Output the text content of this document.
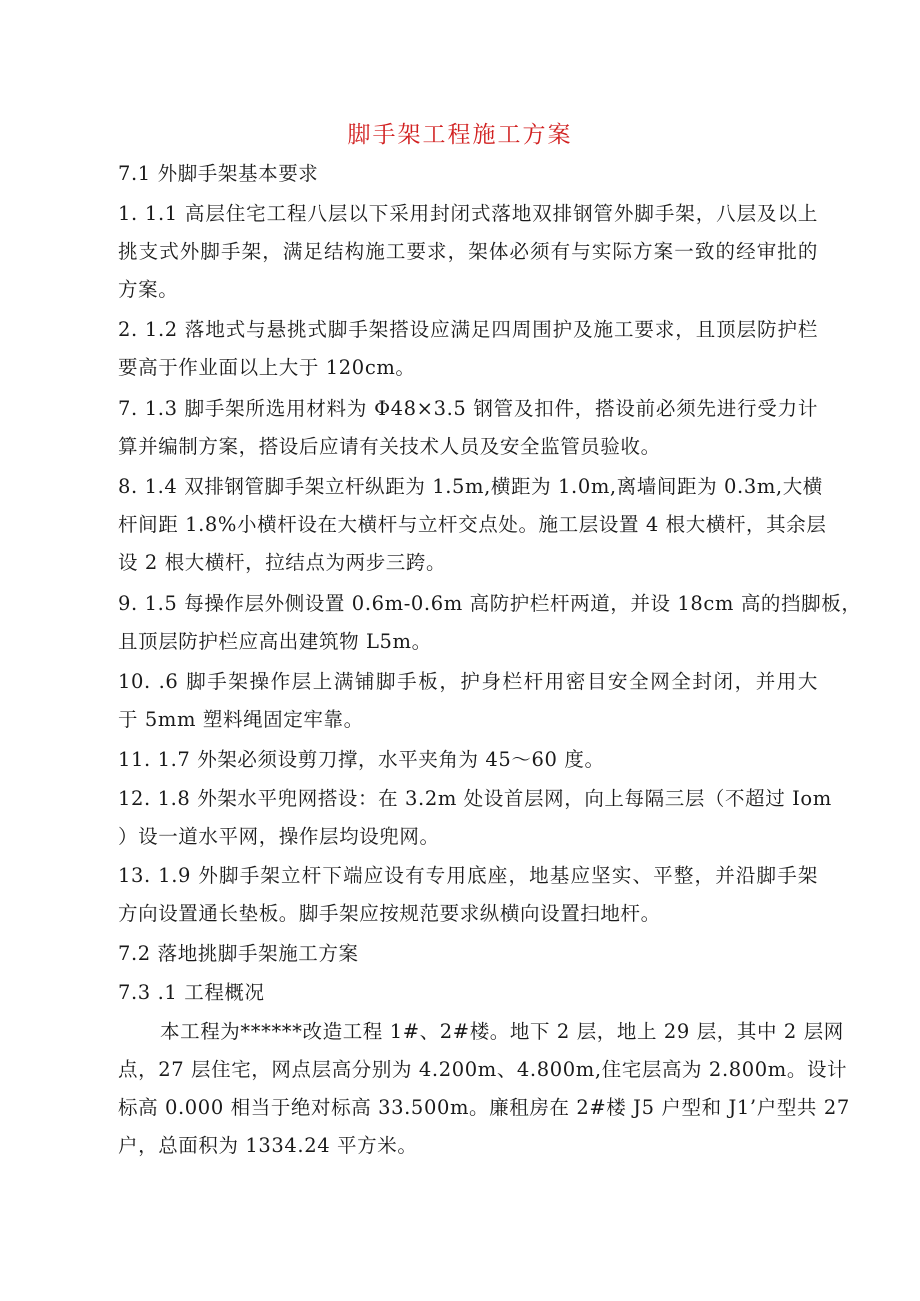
脚手架工程施工方案
7.1 外脚手架基本要求
1. 1.1 高层住宅工程八层以下采用封闭式落地双排钢管外脚手架，八层及以上
挑支式外脚手架，满足结构施工要求，架体必须有与实际方案一致的经审批的
方案。
2. 1.2 落地式与悬挑式脚手架搭设应满足四周围护及施工要求，且顶层防护栏
要高于作业面以上大于 120cm。
7. 1.3 脚手架所选用材料为 Φ48×3.5 钢管及扣件，搭设前必须先进行受力计
算并编制方案，搭设后应请有关技术人员及安全监管员验收。
8. 1.4 双排钢管脚手架立杆纵距为 1.5m,横距为 1.0m,离墙间距为 0.3m,大横
杆间距 1.8%小横杆设在大横杆与立杆交点处。施工层设置 4 根大横杆，其余层
设 2 根大横杆，拉结点为两步三跨。
9. 1.5 每操作层外侧设置 0.6m-0.6m 高防护栏杆两道，并设 18cm 高的挡脚板，
且顶层防护栏应高出建筑物 L5m。
10. .6 脚手架操作层上满铺脚手板，护身栏杆用密目安全网全封闭，并用大
于 5mm 塑料绳固定牢靠。
11. 1.7 外架必须设剪刀撑，水平夹角为 45～60 度。
12. 1.8 外架水平兜网搭设：在 3.2m 处设首层网，向上每隔三层（不超过 Iom
）设一道水平网，操作层均设兜网。
13. 1.9 外脚手架立杆下端应设有专用底座，地基应坚实、平整，并沿脚手架
方向设置通长垫板。脚手架应按规范要求纵横向设置扫地杆。
7.2 落地挑脚手架施工方案
7.3 .1 工程概况
本工程为******改造工程 1#、2#楼。地下 2 层，地上 29 层，其中 2 层网
点，27 层住宅，网点层高分别为 4.200m、4.800m,住宅层高为 2.800m。设计
标高 0.000 相当于绝对标高 33.500m。廉租房在 2#楼 J5 户型和 J1’户型共 27
户，总面积为 1334.24 平方米。
